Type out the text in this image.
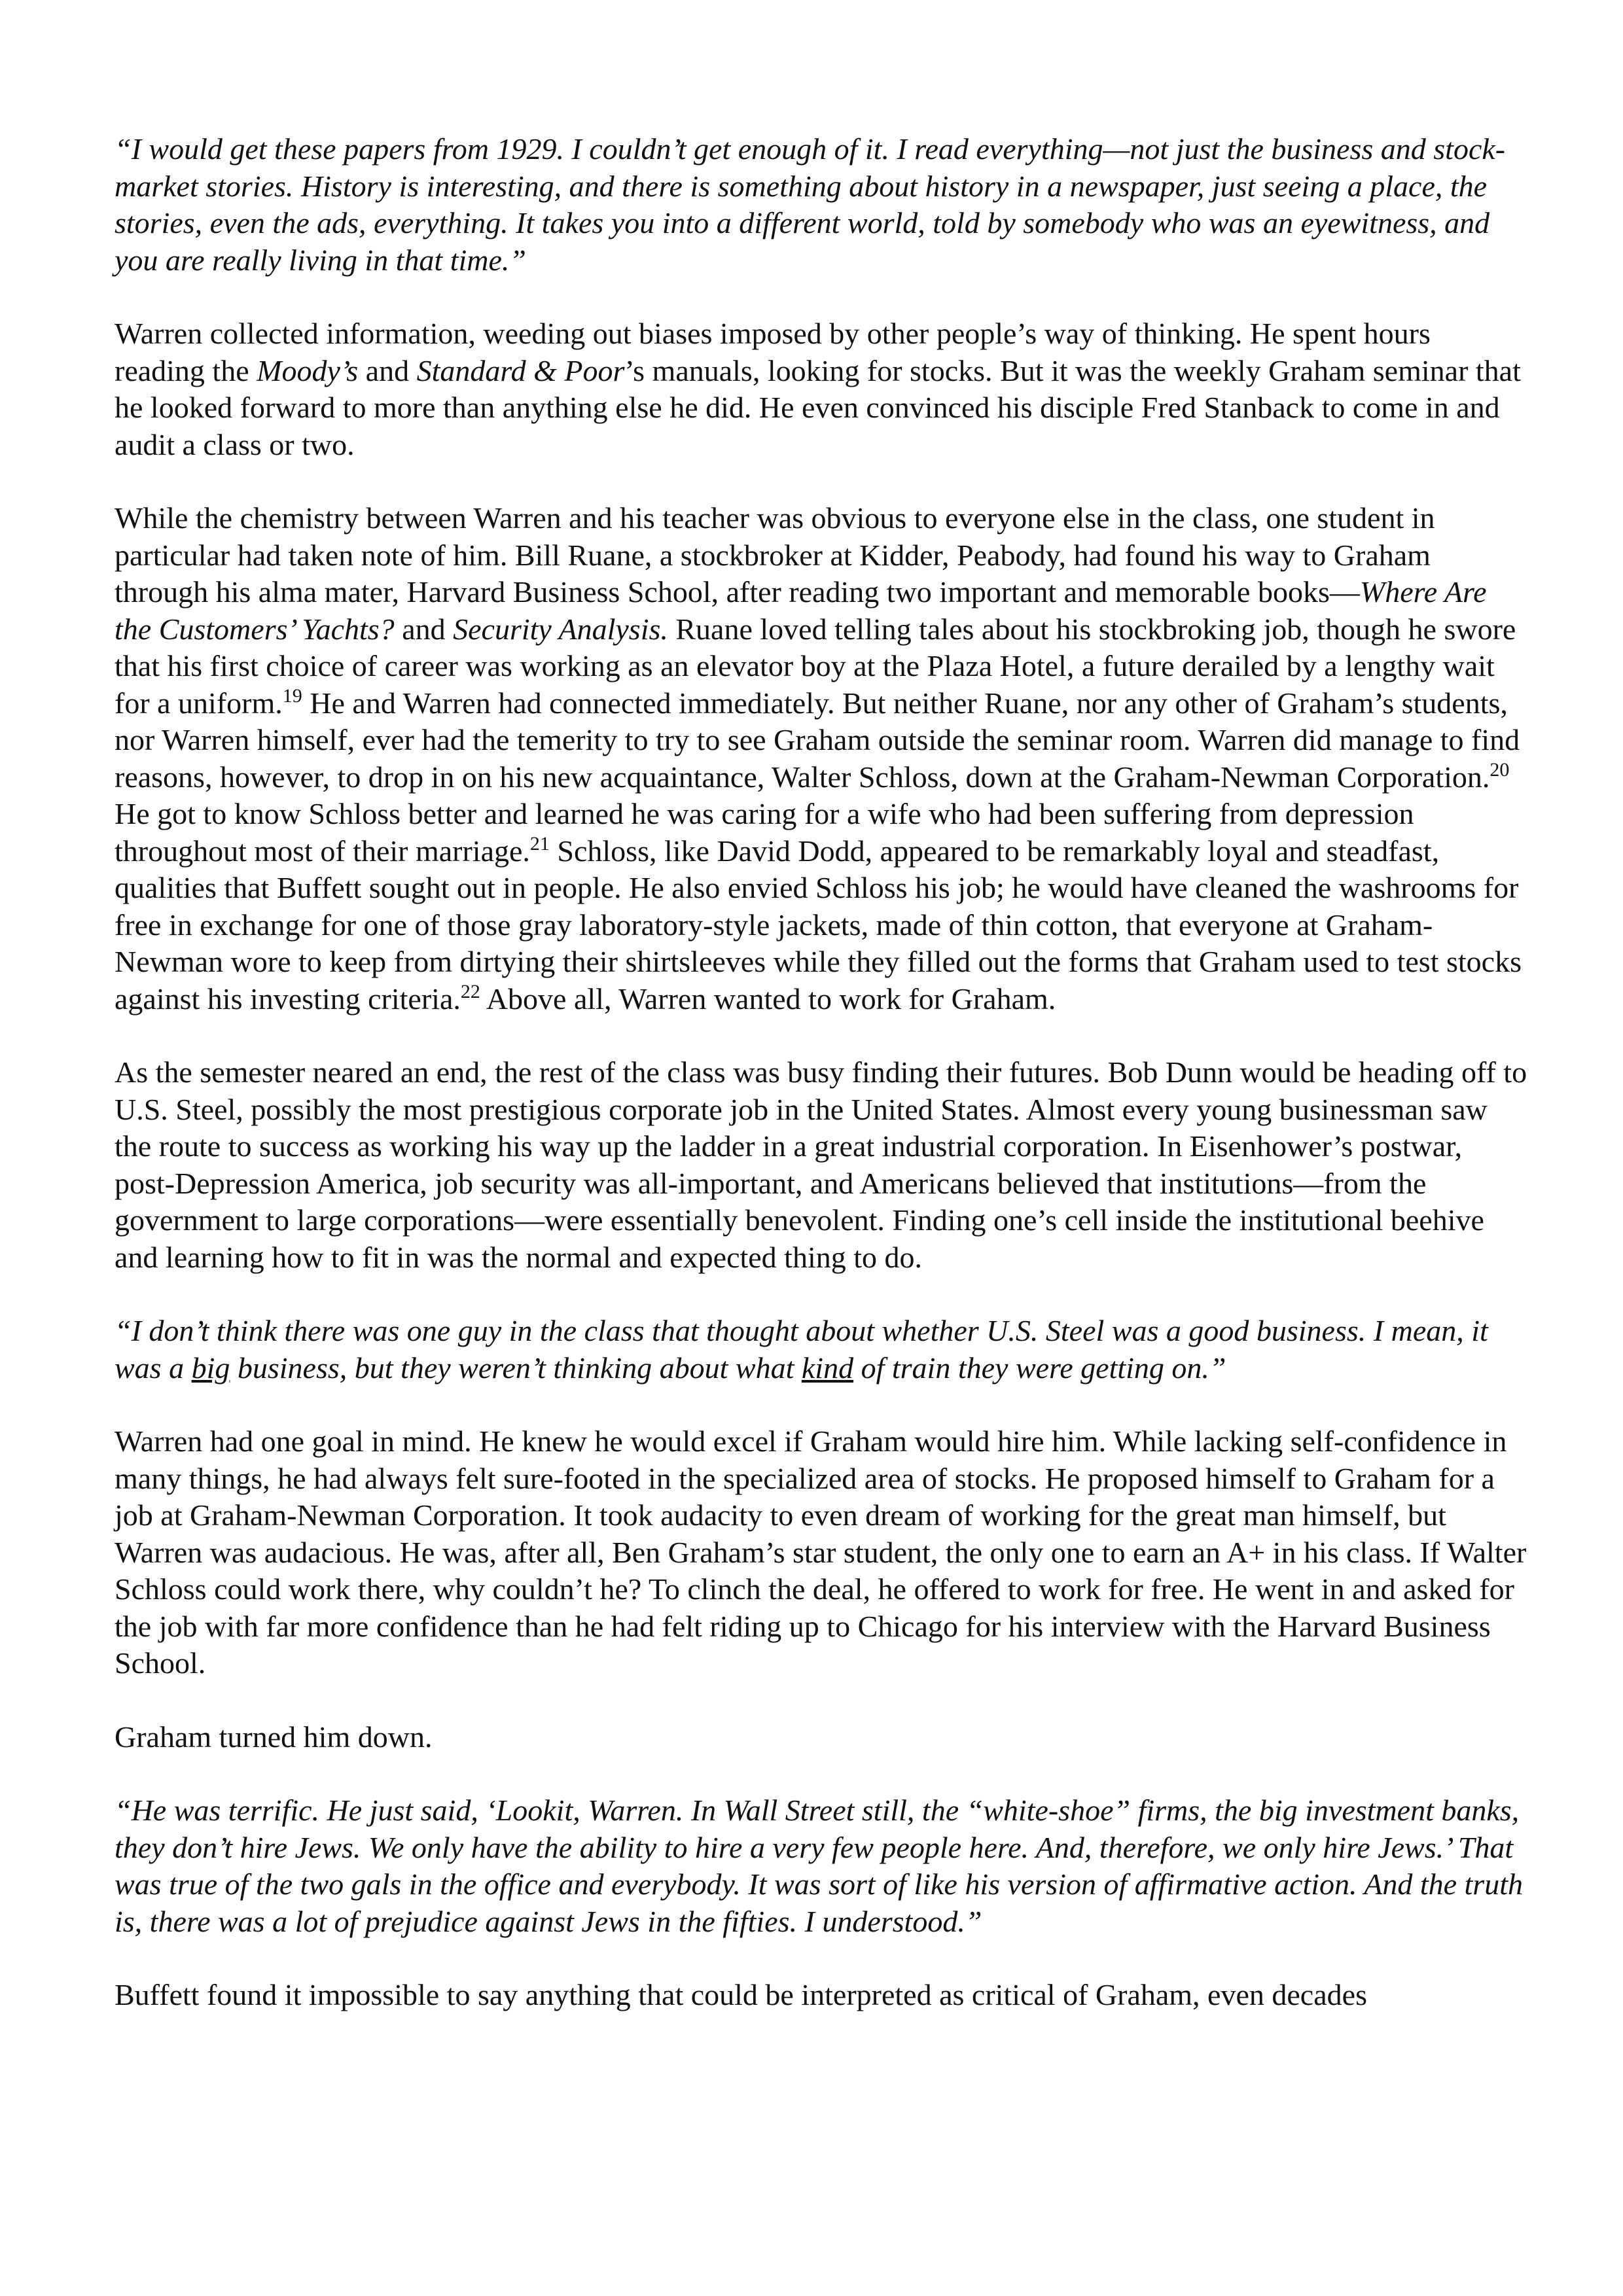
“I would get these papers from 1929. I couldn’t get enough of it. I read everything—not just the business and stock-market stories. History is interesting, and there is something about history in a newspaper, just seeing a place, the stories, even the ads, everything. It takes you into a different world, told by somebody who was an eyewitness, and you are really living in that time.”

Warren collected information, weeding out biases imposed by other people’s way of thinking. He spent hours reading the Moody’s and Standard & Poor’s manuals, looking for stocks. But it was the weekly Graham seminar that he looked forward to more than anything else he did. He even convinced his disciple Fred Stanback to come in and audit a class or two.

While the chemistry between Warren and his teacher was obvious to everyone else in the class, one student in particular had taken note of him. Bill Ruane, a stockbroker at Kidder, Peabody, had found his way to Graham through his alma mater, Harvard Business School, after reading two important and memorable books—Where Are the Customers’ Yachts? and Security Analysis. Ruane loved telling tales about his stockbroking job, though he swore that his first choice of career was working as an elevator boy at the Plaza Hotel, a future derailed by a lengthy wait for a uniform.$^{19}$ He and Warren had connected immediately. But neither Ruane, nor any other of Graham’s students, nor Warren himself, ever had the temerity to try to see Graham outside the seminar room. Warren did manage to find reasons, however, to drop in on his new acquaintance, Walter Schloss, down at the Graham-Newman Corporation.$^{20}$ He got to know Schloss better and learned he was caring for a wife who had been suffering from depression throughout most of their marriage.$^{21}$ Schloss, like David Dodd, appeared to be remarkably loyal and steadfast, qualities that Buffett sought out in people. He also envied Schloss his job; he would have cleaned the washrooms for free in exchange for one of those gray laboratory-style jackets, made of thin cotton, that everyone at Graham-Newman wore to keep from dirtying their shirtsleeves while they filled out the forms that Graham used to test stocks against his investing criteria.$^{22}$ Above all, Warren wanted to work for Graham.

As the semester neared an end, the rest of the class was busy finding their futures. Bob Dunn would be heading off to U.S. Steel, possibly the most prestigious corporate job in the United States. Almost every young businessman saw the route to success as working his way up the ladder in a great industrial corporation. In Eisenhower’s postwar, post-Depression America, job security was all-important, and Americans believed that institutions—from the government to large corporations—were essentially benevolent. Finding one’s cell inside the institutional beehive and learning how to fit in was the normal and expected thing to do.

“I don’t think there was one guy in the class that thought about whether U.S. Steel was a good business. I mean, it was a big business, but they weren’t thinking about what kind of train they were getting on.”

Warren had one goal in mind. He knew he would excel if Graham would hire him. While lacking self-confidence in many things, he had always felt sure-footed in the specialized area of stocks. He proposed himself to Graham for a job at Graham-Newman Corporation. It took audacity to even dream of working for the great man himself, but Warren was audacious. He was, after all, Ben Graham’s star student, the only one to earn an A+ in his class. If Walter Schloss could work there, why couldn’t he? To clinch the deal, he offered to work for free. He went in and asked for the job with far more confidence than he had felt riding up to Chicago for his interview with the Harvard Business School.

Graham turned him down.

“He was terrific. He just said, ‘Lookit, Warren. In Wall Street still, the “white-shoe” firms, the big investment banks, they don’t hire Jews. We only have the ability to hire a very few people here. And, therefore, we only hire Jews.’ That was true of the two gals in the office and everybody. It was sort of like his version of affirmative action. And the truth is, there was a lot of prejudice against Jews in the fifties. I understood.”

Buffett found it impossible to say anything that could be interpreted as critical of Graham, even decades
